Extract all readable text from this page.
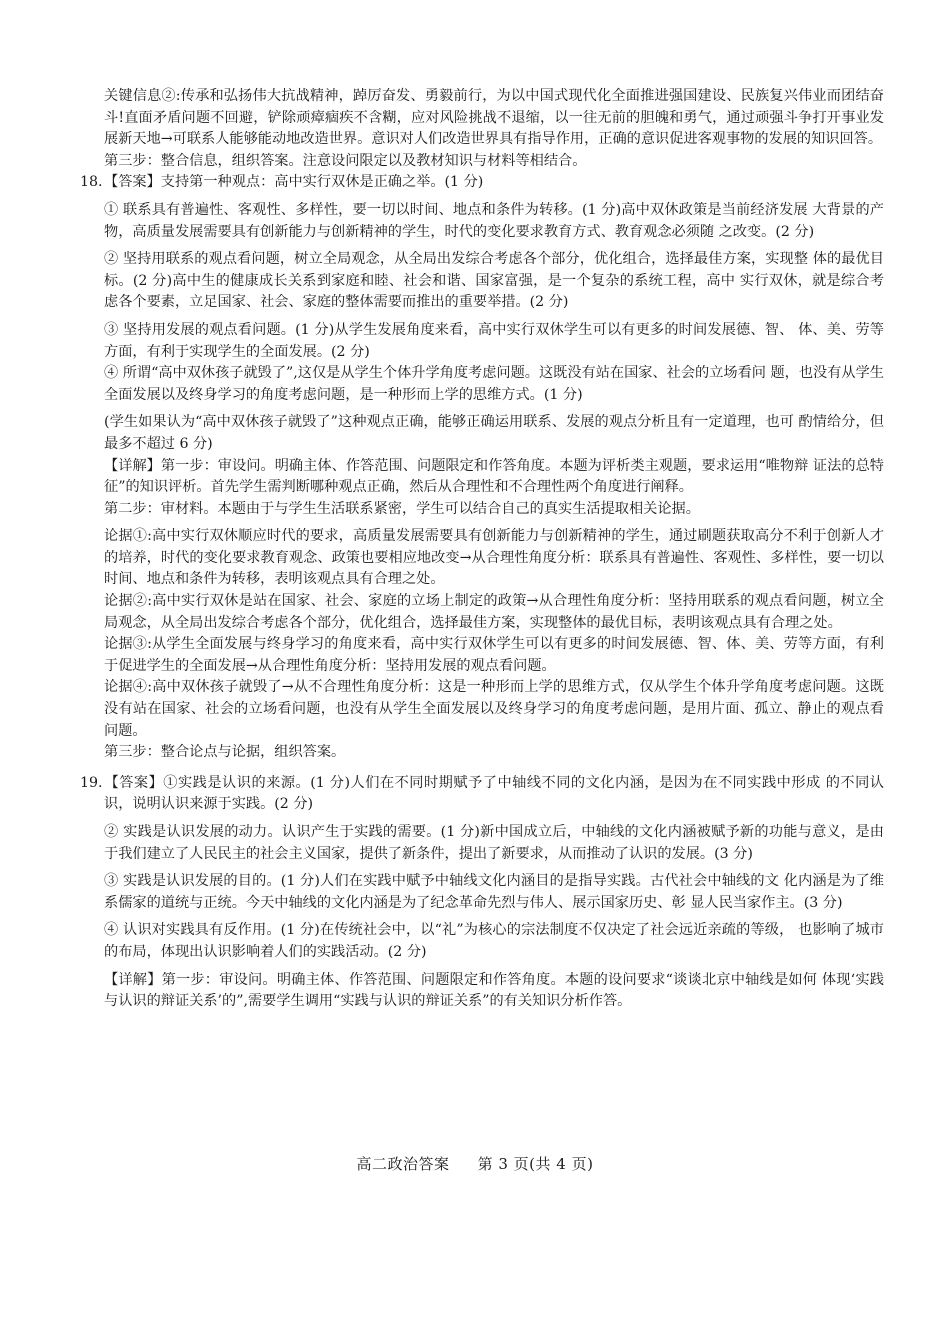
关键信息②:传承和弘扬伟大抗战精神，踔厉奋发、勇毅前行，为以中国式现代化全面推进强国建设、民族复兴伟业而团结奋斗!直面矛盾问题不回避，铲除顽瘴痼疾不含糊，应对风险挑战不退缩，以一往无前的胆魄和勇气，通过顽强斗争打开事业发展新天地→可联系人能够能动地改造世界。意识对人们改造世界具有指导作用，正确的意识促进客观事物的发展的知识回答。

第三步：整合信息，组织答案。注意设问限定以及教材知识与材料等相结合。

18.【答案】支持第一种观点：高中实行双休是正确之举。(1 分)

① 联系具有普遍性、客观性、多样性，要一切以时间、地点和条件为转移。(1 分)高中双休政策是当前经济发展 大背景的产物，高质量发展需要具有创新能力与创新精神的学生，时代的变化要求教育方式、教育观念必须随 之改变。(2 分)

② 坚持用联系的观点看问题，树立全局观念，从全局出发综合考虑各个部分，优化组合，选择最佳方案，实现整 体的最优目标。(2 分)高中生的健康成长关系到家庭和睦、社会和谐、国家富强，是一个复杂的系统工程，高中 实行双休，就是综合考虑各个要素，立足国家、社会、家庭的整体需要而推出的重要举措。(2 分)

③ 坚持用发展的观点看问题。(1 分)从学生发展角度来看，高中实行双休学生可以有更多的时间发展德、智、 体、美、劳等方面，有利于实现学生的全面发展。(2 分)

④ 所谓“高中双休孩子就毁了”,这仅是从学生个体升学角度考虑问题。这既没有站在国家、社会的立场看问 题，也没有从学生全面发展以及终身学习的角度考虑问题，是一种形而上学的思维方式。(1 分)

(学生如果认为“高中双休孩子就毁了”这种观点正确，能够正确运用联系、发展的观点分析且有一定道理，也可 酌情给分，但最多不超过 6 分)

【详解】第一步：审设问。明确主体、作答范围、问题限定和作答角度。本题为评析类主观题，要求运用“唯物辩 证法的总特征”的知识评析。首先学生需判断哪种观点正确，然后从合理性和不合理性两个角度进行阐释。

第二步：审材料。本题由于与学生生活联系紧密，学生可以结合自己的真实生活提取相关论据。

论据①:高中实行双休顺应时代的要求，高质量发展需要具有创新能力与创新精神的学生，通过刷题获取高分不利于创新人才的培养，时代的变化要求教育观念、政策也要相应地改变→从合理性角度分析：联系具有普遍性、客观性、多样性，要一切以时间、地点和条件为转移，表明该观点具有合理之处。

论据②:高中实行双休是站在国家、社会、家庭的立场上制定的政策→从合理性角度分析：坚持用联系的观点看问题，树立全局观念，从全局出发综合考虑各个部分，优化组合，选择最佳方案，实现整体的最优目标，表明该观点具有合理之处。

论据③:从学生全面发展与终身学习的角度来看，高中实行双休学生可以有更多的时间发展德、智、体、美、劳等方面，有利于促进学生的全面发展→从合理性角度分析：坚持用发展的观点看问题。

论据④:高中双休孩子就毁了→从不合理性角度分析：这是一种形而上学的思维方式，仅从学生个体升学角度考虑问题。这既没有站在国家、社会的立场看问题，也没有从学生全面发展以及终身学习的角度考虑问题，是用片面、孤立、静止的观点看问题。

第三步：整合论点与论据，组织答案。

19.【答案】①实践是认识的来源。(1 分)人们在不同时期赋予了中轴线不同的文化内涵，是因为在不同实践中形成 的不同认识，说明认识来源于实践。(2 分)

② 实践是认识发展的动力。认识产生于实践的需要。(1 分)新中国成立后，中轴线的文化内涵被赋予新的功能与意义，是由于我们建立了人民民主的社会主义国家，提供了新条件，提出了新要求，从而推动了认识的发展。(3 分)

③ 实践是认识发展的目的。(1 分)人们在实践中赋予中轴线文化内涵目的是指导实践。古代社会中轴线的文 化内涵是为了维系儒家的道统与正统。今天中轴线的文化内涵是为了纪念革命先烈与伟人、展示国家历史、彰 显人民当家作主。(3 分)

④ 认识对实践具有反作用。(1 分)在传统社会中，以“礼”为核心的宗法制度不仅决定了社会远近亲疏的等级， 也影响了城市的布局，体现出认识影响着人们的实践活动。(2 分)

【详解】第一步：审设问。明确主体、作答范围、问题限定和作答角度。本题的设问要求“谈谈北京中轴线是如何 体现‘实践与认识的辩证关系’的”,需要学生调用“实践与认识的辩证关系”的有关知识分析作答。

高二政治答案 第 3 页(共 4 页)
